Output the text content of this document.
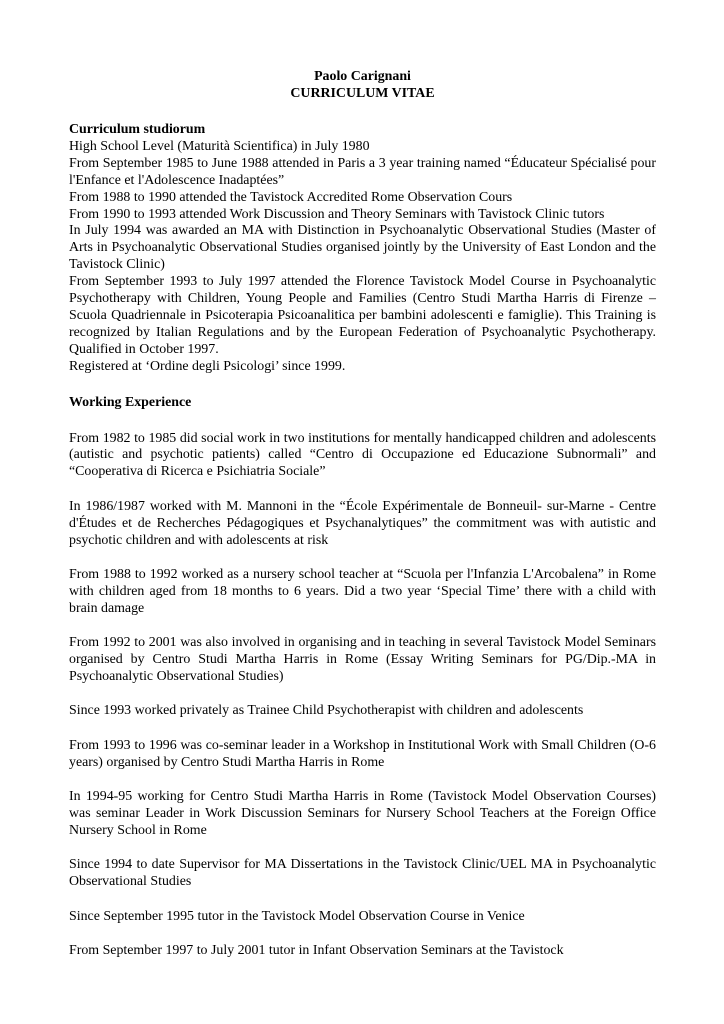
Paolo Carignani
CURRICULUM VITAE
Curriculum studiorum
High School Level (Maturità Scientifica) in July 1980
From September 1985 to June 1988 attended in Paris a 3 year training named “Éducateur Spécialisé pour l'Enfance et l'Adolescence Inadaptées”
From 1988 to 1990 attended the Tavistock Accredited Rome Observation Cours
From 1990 to 1993 attended Work Discussion and Theory Seminars with Tavistock Clinic tutors
In July 1994 was awarded an MA with Distinction in Psychoanalytic Observational Studies (Master of Arts in Psychoanalytic Observational Studies organised jointly by the University of East London and the Tavistock Clinic)
From September 1993 to July 1997 attended the Florence Tavistock Model Course in Psychoanalytic Psychotherapy with Children, Young People and Families (Centro Studi Martha Harris di Firenze – Scuola Quadriennale in Psicoterapia Psicoanalitica per bambini adolescenti e famiglie). This Training is recognized by Italian Regulations and by the European Federation of Psychoanalytic Psychotherapy. Qualified in October 1997.
Registered at ‘Ordine degli Psicologi’ since 1999.
Working Experience
From 1982 to 1985 did social work in two institutions for mentally handicapped children and adolescents (autistic and psychotic patients) called “Centro di Occupazione ed Educazione Subnormali” and “Cooperativa di Ricerca e Psichiatria Sociale”
In 1986/1987 worked with M. Mannoni in the “École Expérimentale de Bonneuil- sur-Marne - Centre d'Études et de Recherches Pédagogiques et Psychanalytiques” the commitment was with autistic and psychotic children and with adolescents at risk
From 1988 to 1992 worked as a nursery school teacher at “Scuola per l'Infanzia L'Arcobalena” in Rome with children aged from 18 months to 6 years. Did a two year ‘Special Time’ there with a child with brain damage
From 1992 to 2001 was also involved in organising and in teaching in several Tavistock Model Seminars organised by Centro Studi Martha Harris in Rome (Essay Writing Seminars for PG/Dip.-MA in Psychoanalytic Observational Studies)
Since 1993 worked privately as Trainee Child Psychotherapist with children and adolescents
From 1993 to 1996 was co-seminar leader in a Workshop in Institutional Work with Small Children (O-6 years) organised by Centro Studi Martha Harris in Rome
In 1994-95 working for Centro Studi Martha Harris in Rome (Tavistock Model Observation Courses) was seminar Leader in Work Discussion Seminars for Nursery School Teachers at the Foreign Office Nursery School in Rome
Since 1994 to date Supervisor for MA Dissertations in the Tavistock Clinic/UEL MA in Psychoanalytic Observational Studies
Since September 1995 tutor in the Tavistock Model Observation Course in Venice
From September 1997 to July 2001 tutor in Infant Observation Seminars at the Tavistock
